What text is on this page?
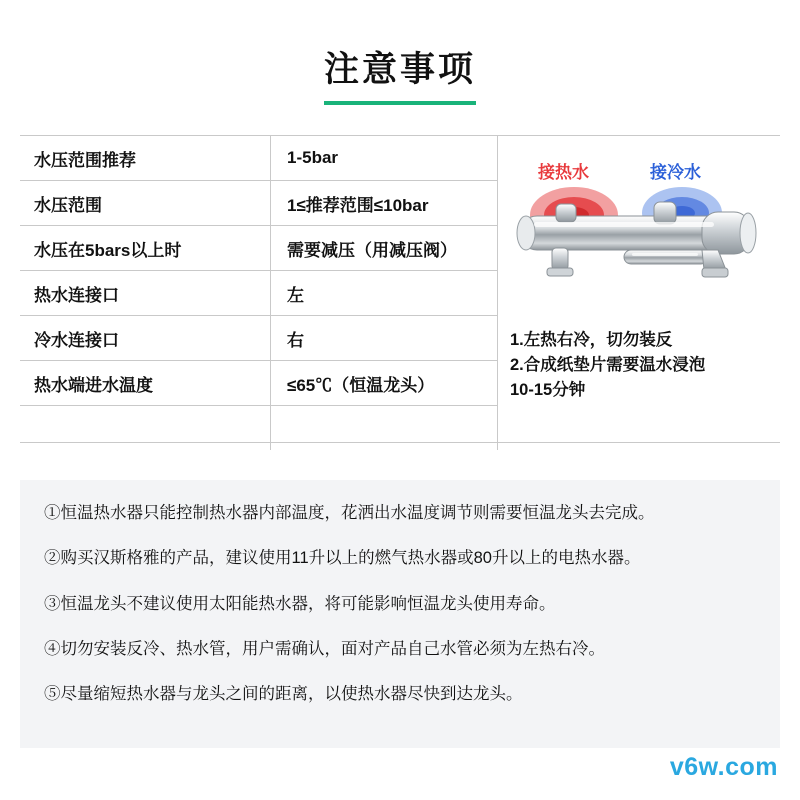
注意事项
水压范围推荐	1-5bar
水压范围	1≤推荐范围≤10bar
水压在5bars以上时	需要减压（用减压阀）
热水连接口	左
冷水连接口	右
热水端进水温度	≤65℃（恒温龙头）

接热水	接冷水
1.左热右冷，切勿装反
2.合成纸垫片需要温水浸泡
10-15分钟

①恒温热水器只能控制热水器内部温度，花洒出水温度调节则需要恒温龙头去完成。

②购买汉斯格雅的产品，建议使用11升以上的燃气热水器或80升以上的电热水器。

③恒温龙头不建议使用太阳能热水器，将可能影响恒温龙头使用寿命。

④切勿安装反冷、热水管，用户需确认，面对产品自己水管必须为左热右冷。

⑤尽量缩短热水器与龙头之间的距离，以使热水器尽快到达龙头。

v6w.com
